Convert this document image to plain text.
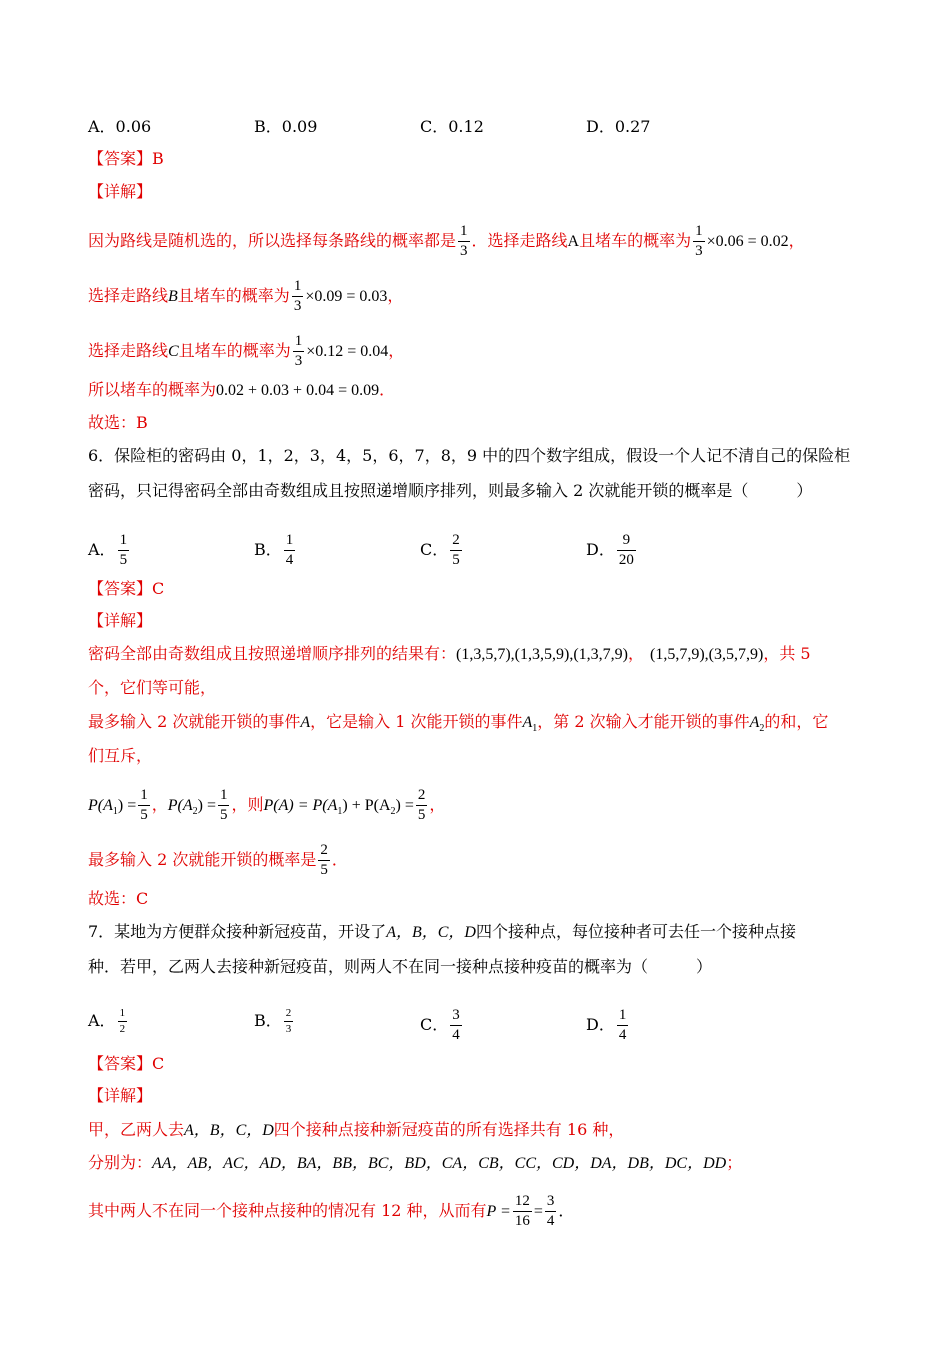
A．0.06	B．0.09	C．0.12	D．0.27
【答案】B
【详解】
因为路线是随机选的，所以选择每条路线的概率都是 $\frac{1}{3}$ ．选择走路线A且堵车的概率为 $\frac{1}{3} \times 0.06 = 0.02$，
选择走路线B且堵车的概率为 $\frac{1}{3} \times 0.09 = 0.03$，
选择走路线C且堵车的概率为 $\frac{1}{3} \times 0.12 = 0.04$，
所以堵车的概率为0.02 + 0.03 + 0.04 = 0.09．
故选：B
6．保险柜的密码由 0，1，2，3，4，5，6，7，8，9 中的四个数字组成，假设一个人记不清自己的保险柜
密码，只记得密码全部由奇数组成且按照递增顺序排列，则最多输入 2 次就能开锁的概率是（　　　）
A． $\frac{1}{5}$	B． $\frac{1}{4}$	C． $\frac{2}{5}$	D． $\frac{9}{20}$
【答案】C
【详解】
密码全部由奇数组成且按照递增顺序排列的结果有：(1,3,5,7),(1,3,5,9),(1,3,7,9)， (1,5,7,9),(3,5,7,9)，共 5
个，它们等可能，
最多输入 2 次就能开锁的事件A，它是输入 1 次能开锁的事件$A_1$，第 2 次输入才能开锁的事件$A_2$的和，它
们互斥，
$P(A_1) = \frac{1}{5}$ ，$P(A_2) = \frac{1}{5}$ ，则$P(A) = P(A_1) + P(A_2) = \frac{2}{5}$ ，
最多输入 2 次就能开锁的概率是 $\frac{2}{5}$ ．
故选：C
7．某地为方便群众接种新冠疫苗，开设了A，B，C，D四个接种点，每位接种者可去任一个接种点接
种．若甲，乙两人去接种新冠疫苗，则两人不在同一接种点接种疫苗的概率为（　　　）
A． $\frac{1}{2}$	B． $\frac{2}{3}$	C． $\frac{3}{4}$	D． $\frac{1}{4}$
【答案】C
【详解】
甲，乙两人去A，B，C，D四个接种点接种新冠疫苗的所有选择共有 16 种，
分别为：AA，AB，AC，AD，BA，BB，BC，BD，CA，CB，CC，CD，DA，DB，DC，DD；
其中两人不在同一个接种点接种的情况有 12 种，从而有$P = \frac{12}{16} = \frac{3}{4}$ ．
